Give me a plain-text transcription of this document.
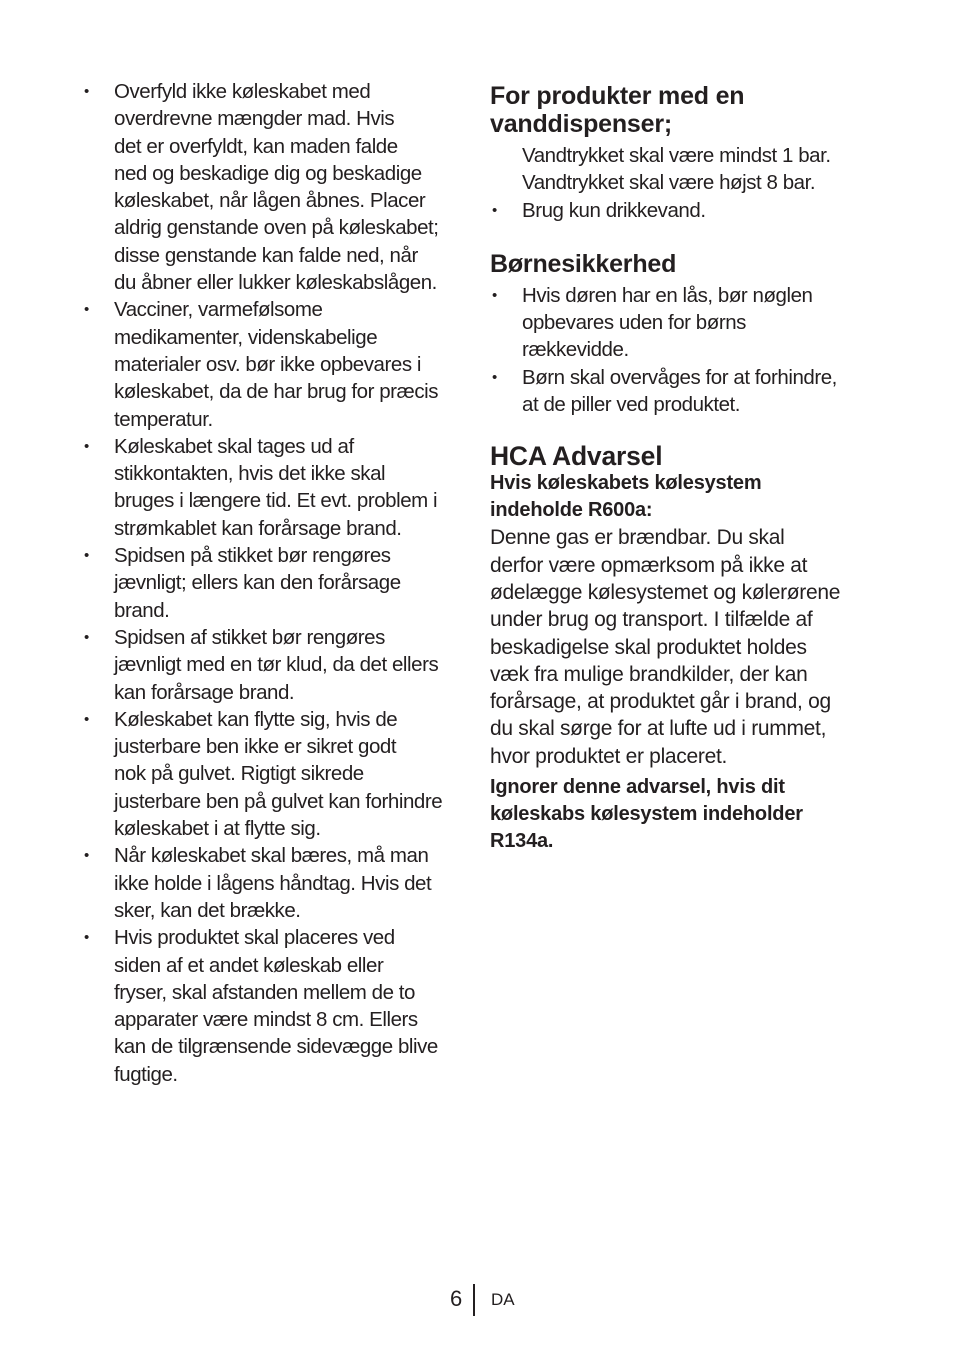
• Overfyld ikke køleskabet med
overdrevne mængder mad. Hvis
det er overfyldt, kan maden falde
ned og beskadige dig og beskadige
køleskabet, når lågen åbnes. Placer
aldrig genstande oven på køleskabet;
disse genstande kan falde ned, når
du åbner eller lukker køleskabslågen.
• Vacciner, varmefølsome
medikamenter, videnskabelige
materialer osv. bør ikke opbevares i
køleskabet, da de har brug for præcis
temperatur.
• Køleskabet skal tages ud af
stikkontakten, hvis det ikke skal
bruges i længere tid. Et evt. problem i
strømkablet kan forårsage brand.
• Spidsen på stikket bør rengøres
jævnligt; ellers kan den forårsage
brand.
• Spidsen af stikket bør rengøres
jævnligt med en tør klud, da det ellers
kan forårsage brand.
• Køleskabet kan flytte sig, hvis de
justerbare ben ikke er sikret godt
nok på gulvet. Rigtigt sikrede
justerbare ben på gulvet kan forhindre
køleskabet i at flytte sig.
• Når køleskabet skal bæres, må man
ikke holde i lågens håndtag. Hvis det
sker, kan det brække.
• Hvis produktet skal placeres ved
siden af et andet køleskab eller
fryser, skal afstanden mellem de to
apparater være mindst 8 cm. Ellers
kan de tilgrænsende sidevægge blive
fugtige.
For produkter med en
vanddispenser;
Vandtrykket skal være mindst 1 bar.
Vandtrykket skal være højst 8 bar.
• Brug kun drikkevand.
Børnesikkerhed
• Hvis døren har en lås, bør nøglen
opbevares uden for børns
rækkevidde.
• Børn skal overvåges for at forhindre,
at de piller ved produktet.
HCA Advarsel

Hvis køleskabets kølesystem
indeholde R600a:

Denne gas er brændbar. Du skal
derfor være opmærksom på ikke at
ødelægge kølesystemet og kølerørene
under brug og transport. I tilfælde af
beskadigelse skal produktet holdes
væk fra mulige brandkilder, der kan
forårsage, at produktet går i brand, og
du skal sørge for at lufte ud i rummet,
hvor produktet er placeret.

Ignorer denne advarsel, hvis dit
køleskabs kølesystem indeholder
R134a.

6 DA
